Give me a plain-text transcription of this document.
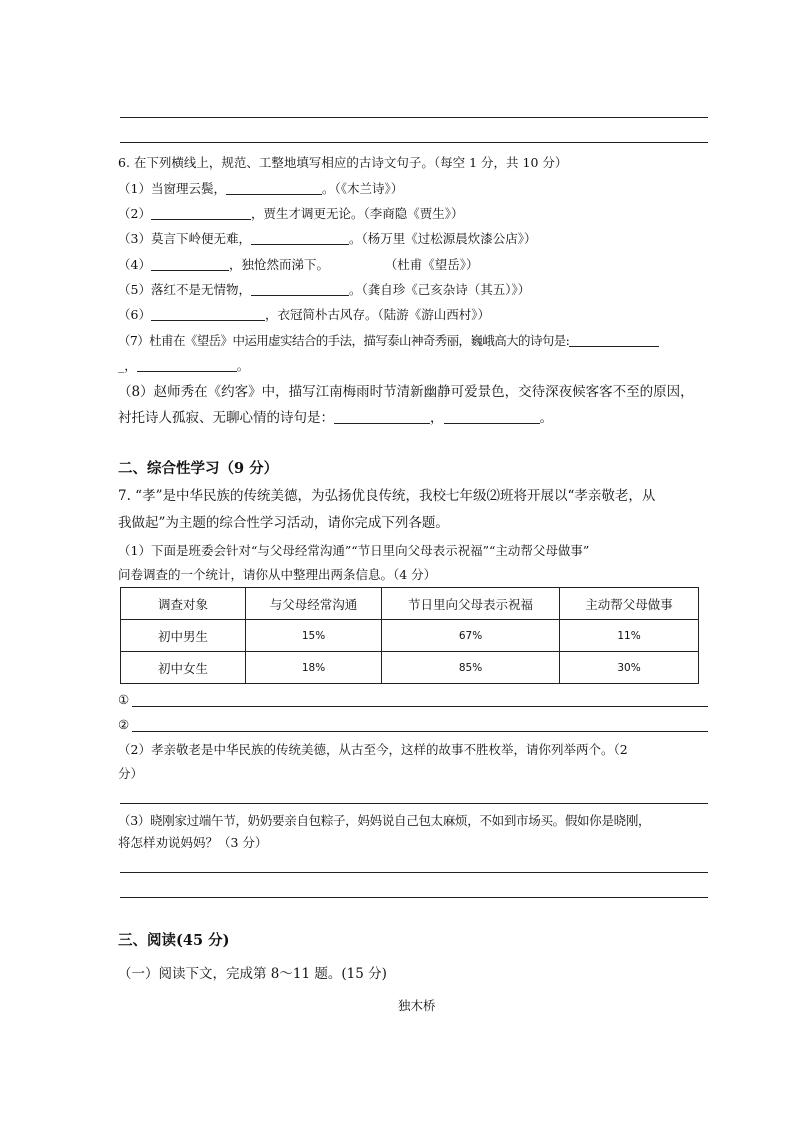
6. 在下列横线上，规范、工整地填写相应的古诗文句子。（每空 1 分，共 10 分）
（1）当窗理云鬓，	。（《木兰诗》）
（2）	，贾生才调更无论。（李商隐《贾生》）
（3）莫言下岭便无难，	。（杨万里《过松源晨炊漆公店》）
（4）	，独怆然而涕下。	（杜甫《望岳》）
（5）落红不是无情物，	。（龚自珍《己亥杂诗（其五）》）
（6）	，衣冠简朴古风存。（陆游《游山西村》）
（7）杜甫在《望岳》中运用虚实结合的手法，描写泰山神奇秀丽，巍峨高大的诗句是:
_，	。
（8）赵师秀在《约客》中，描写江南梅雨时节清新幽静可爱景色，交待深夜候客客不至的原因，
衬托诗人孤寂、无聊心情的诗句是：	，	。
二、综合性学习（9 分）
7. “孝”是中华民族的传统美德，为弘扬优良传统，我校七年级⑵班将开展以“孝亲敬老，从
我做起”为主题的综合性学习活动，请你完成下列各题。
（1）下面是班委会针对“与父母经常沟通”“节日里向父母表示祝福”“主动帮父母做事”
问卷调查的一个统计，请你从中整理出两条信息。（4 分）
调查对象	与父母经常沟通	节日里向父母表示祝福	主动帮父母做事
初中男生	15%	67%	11%
初中女生	18%	85%	30%
①
②
（2）孝亲敬老是中华民族的传统美德，从古至今，这样的故事不胜枚举，请你列举两个。（2
分）
（3）晓刚家过端午节，奶奶要亲自包粽子，妈妈说自己包太麻烦，不如到市场买。假如你是晓刚，
将怎样劝说妈妈？（3 分）
三、阅读(45 分)
（一）阅读下文，完成第 8～11 题。(15 分)
独木桥
